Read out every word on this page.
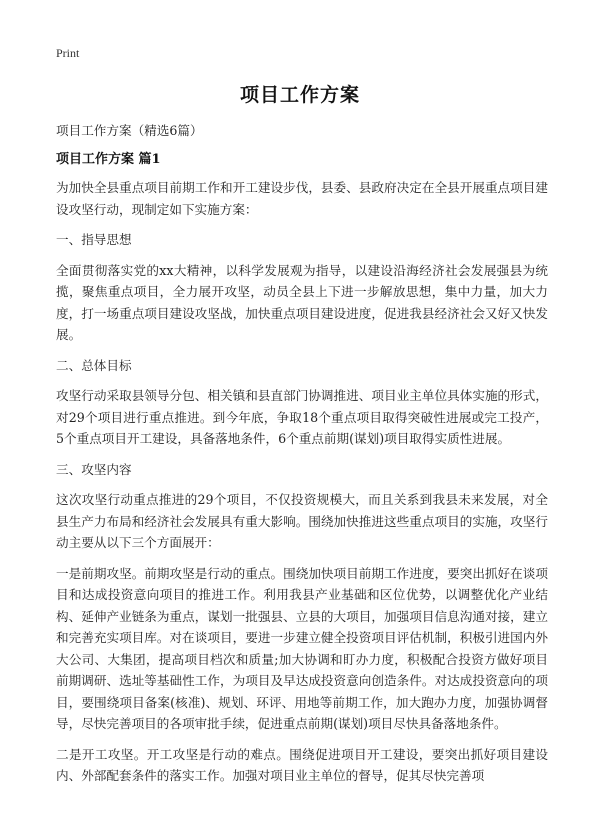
Print
项目工作方案

项目工作方案（精选6篇）

项目工作方案 篇1

为加快全县重点项目前期工作和开工建设步伐，县委、县政府决定在全县开展重点项目建设攻坚行动，现制定如下实施方案：

一、指导思想

全面贯彻落实党的xx大精神，以科学发展观为指导，以建设沿海经济社会发展强县为统揽，聚焦重点项目，全力展开攻坚，动员全县上下进一步解放思想，集中力量，加大力度，打一场重点项目建设攻坚战，加快重点项目建设进度，促进我县经济社会又好又快发展。

二、总体目标

攻坚行动采取县领导分包、相关镇和县直部门协调推进、项目业主单位具体实施的形式，对29个项目进行重点推进。到今年底，争取18个重点项目取得突破性进展或完工投产，5个重点项目开工建设，具备落地条件，6个重点前期(谋划)项目取得实质性进展。

三、攻坚内容

这次攻坚行动重点推进的29个项目，不仅投资规模大，而且关系到我县未来发展，对全县生产力布局和经济社会发展具有重大影响。围绕加快推进这些重点项目的实施，攻坚行动主要从以下三个方面展开：

一是前期攻坚。前期攻坚是行动的重点。围绕加快项目前期工作进度，要突出抓好在谈项目和达成投资意向项目的推进工作。利用我县产业基础和区位优势，以调整优化产业结构、延伸产业链条为重点，谋划一批强县、立县的大项目，加强项目信息沟通对接，建立和完善充实项目库。对在谈项目，要进一步建立健全投资项目评估机制，积极引进国内外大公司、大集团，提高项目档次和质量;加大协调和盯办力度，积极配合投资方做好项目前期调研、选址等基础性工作，为项目及早达成投资意向创造条件。对达成投资意向的项目，要围绕项目备案(核准)、规划、环评、用地等前期工作，加大跑办力度，加强协调督导，尽快完善项目的各项审批手续，促进重点前期(谋划)项目尽快具备落地条件。

二是开工攻坚。开工攻坚是行动的难点。围绕促进项目开工建设，要突出抓好项目建设内、外部配套条件的落实工作。加强对项目业主单位的督导，促其尽快完善项
